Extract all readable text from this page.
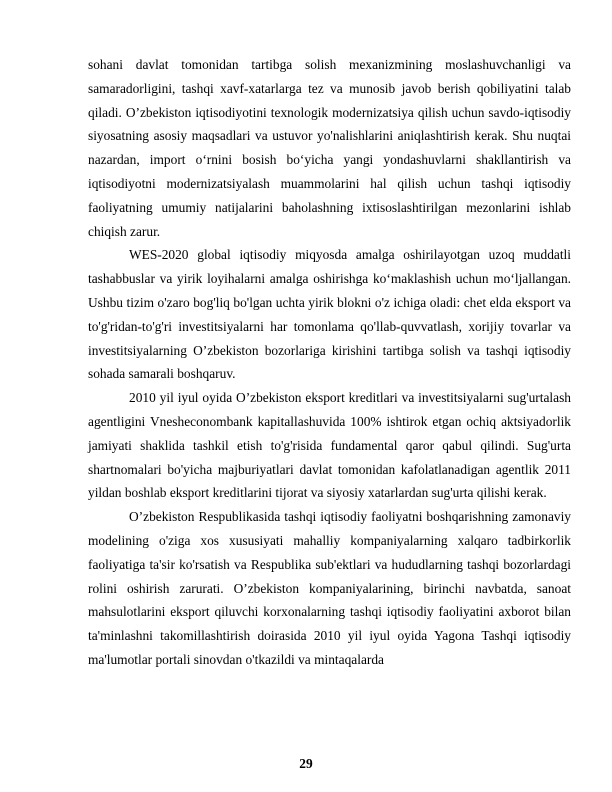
sohani davlat tomonidan tartibga solish mexanizmining moslashuvchanligi va samaradorligini, tashqi xavf-xatarlarga tez va munosib javob berish qobiliyatini talab qiladi. O’zbekiston iqtisodiyotini texnologik modernizatsiya qilish uchun savdo-iqtisodiy siyosatning asosiy maqsadlari va ustuvor yo'nalishlarini aniqlashtirish kerak. Shu nuqtai nazardan, import o‘rnini bosish bo‘yicha yangi yondashuvlarni shakllantirish va iqtisodiyotni modernizatsiyalash muammolarini hal qilish uchun tashqi iqtisodiy faoliyatning umumiy natijalarini baholashning ixtisoslashtirilgan mezonlarini ishlab chiqish zarur.

WES-2020 global iqtisodiy miqyosda amalga oshirilayotgan uzoq muddatli tashabbuslar va yirik loyihalarni amalga oshirishga ko‘maklashish uchun mo‘ljallangan. Ushbu tizim o'zaro bog'liq bo'lgan uchta yirik blokni o'z ichiga oladi: chet elda eksport va to'g'ridan-to'g'ri investitsiyalarni har tomonlama qo'llab-quvvatlash, xorijiy tovarlar va investitsiyalarning O’zbekiston bozorlariga kirishini tartibga solish va tashqi iqtisodiy sohada samarali boshqaruv.

2010 yil iyul oyida O’zbekiston eksport kreditlari va investitsiyalarni sug'urtalash agentligini Vnesheconombank kapitallashuvida 100% ishtirok etgan ochiq aktsiyadorlik jamiyati shaklida tashkil etish to'g'risida fundamental qaror qabul qilindi. Sug'urta shartnomalari bo'yicha majburiyatlari davlat tomonidan kafolatlanadigan agentlik 2011 yildan boshlab eksport kreditlarini tijorat va siyosiy xatarlardan sug'urta qilishi kerak.

O’zbekiston Respublikasida tashqi iqtisodiy faoliyatni boshqarishning zamonaviy modelining o'ziga xos xususiyati mahalliy kompaniyalarning xalqaro tadbirkorlik faoliyatiga ta'sir ko'rsatish va Respublika sub'ektlari va hududlarning tashqi bozorlardagi rolini oshirish zarurati. O’zbekiston kompaniyalarining, birinchi navbatda, sanoat mahsulotlarini eksport qiluvchi korxonalarning tashqi iqtisodiy faoliyatini axborot bilan ta'minlashni takomillashtirish doirasida 2010 yil iyul oyida Yagona Tashqi iqtisodiy ma'lumotlar portali sinovdan o'tkazildi va mintaqalarda

29
